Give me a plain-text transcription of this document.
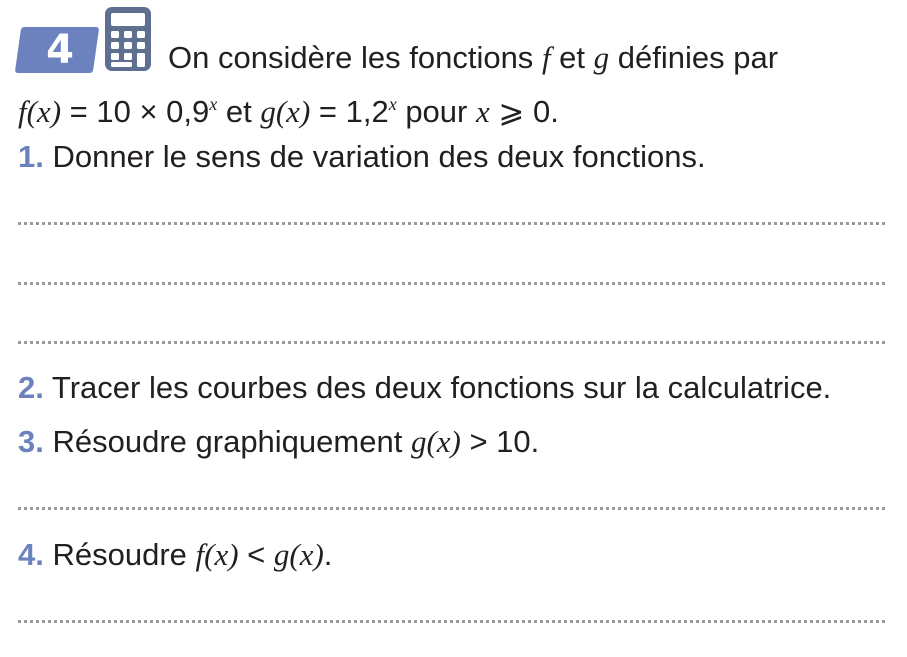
4	On considère les fonctions f et g définies par
$f(x) = 10 \times 0,9^x$ et $g(x) = 1,2^x$ pour x ⩾ 0.
1. Donner le sens de variation des deux fonctions.
2. Tracer les courbes des deux fonctions sur la calculatrice.
3. Résoudre graphiquement g(x) > 10.
4. Résoudre f(x) < g(x).
